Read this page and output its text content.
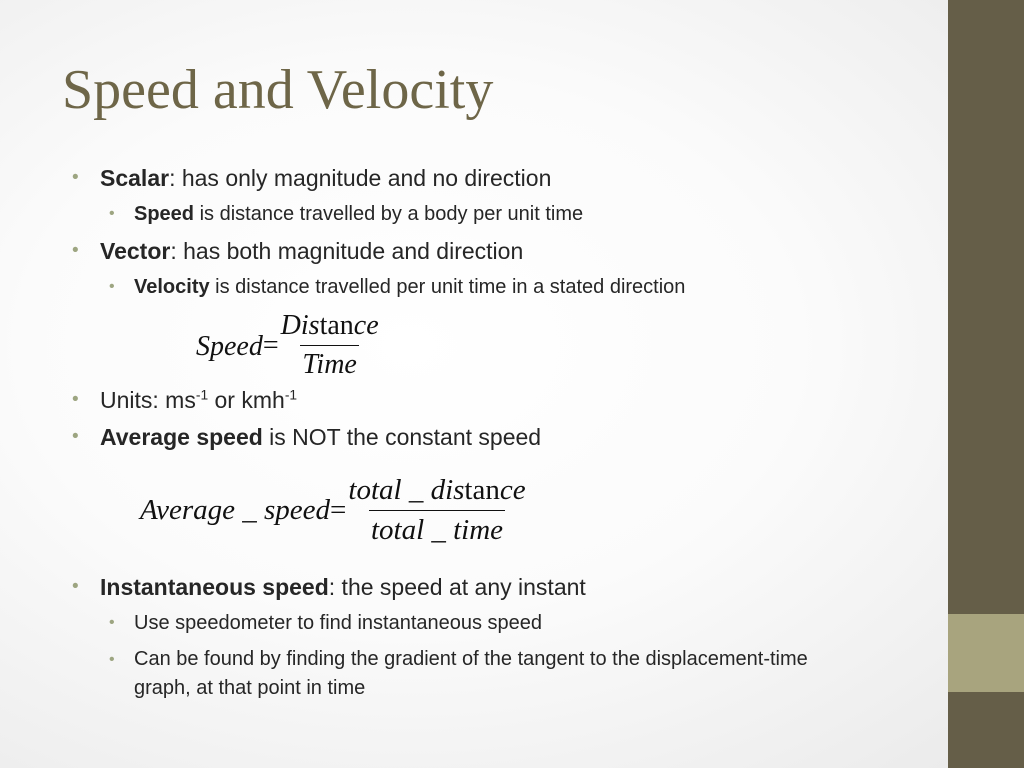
Speed and Velocity
• Scalar: has only magnitude and no direction
• Speed is distance travelled by a body per unit time
• Vector: has both magnitude and direction
• Velocity is distance travelled per unit time in a stated direction
Speed = $\frac{\text{Distance}}{\text{Time}}$
• Units: $ms^{-1}$ or kmh$^{-1}$
• Average speed is NOT the constant speed
Average _ speed = $\frac{\text{total \_ distance}}{\text{total \_ time}}$
• Instantaneous speed: the speed at any instant
• Use speedometer to find instantaneous speed
• Can be found by finding the gradient of the tangent to the displacement-time graph, at that point in time
